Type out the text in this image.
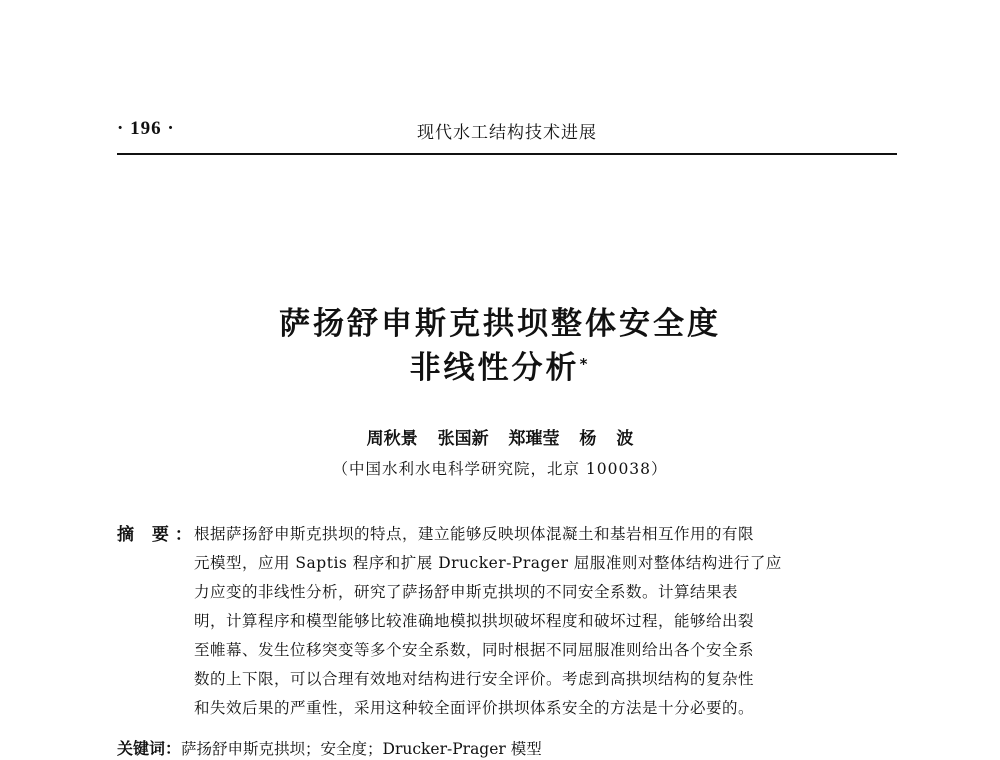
· 196 ·	现代水工结构技术进展
萨扬舒申斯克拱坝整体安全度
非线性分析*
周秋景 张国新 郑璀莹 杨 波
（中国水利水电科学研究院，北京 100038）
摘 要：
根据萨扬舒申斯克拱坝的特点，建立能够反映坝体混凝土和基岩相互作用的有限
元模型，应用 Saptis 程序和扩展 Drucker-Prager 屈服准则对整体结构进行了应
力应变的非线性分析，研究了萨扬舒申斯克拱坝的不同安全系数。计算结果表
明，计算程序和模型能够比较准确地模拟拱坝破坏程度和破坏过程，能够给出裂
至帷幕、发生位移突变等多个安全系数，同时根据不同屈服准则给出各个安全系
数的上下限，可以合理有效地对结构进行安全评价。考虑到高拱坝结构的复杂性
和失效后果的严重性，采用这种较全面评价拱坝体系安全的方法是十分必要的。
关键词：萨扬舒申斯克拱坝；安全度；Drucker-Prager 模型
